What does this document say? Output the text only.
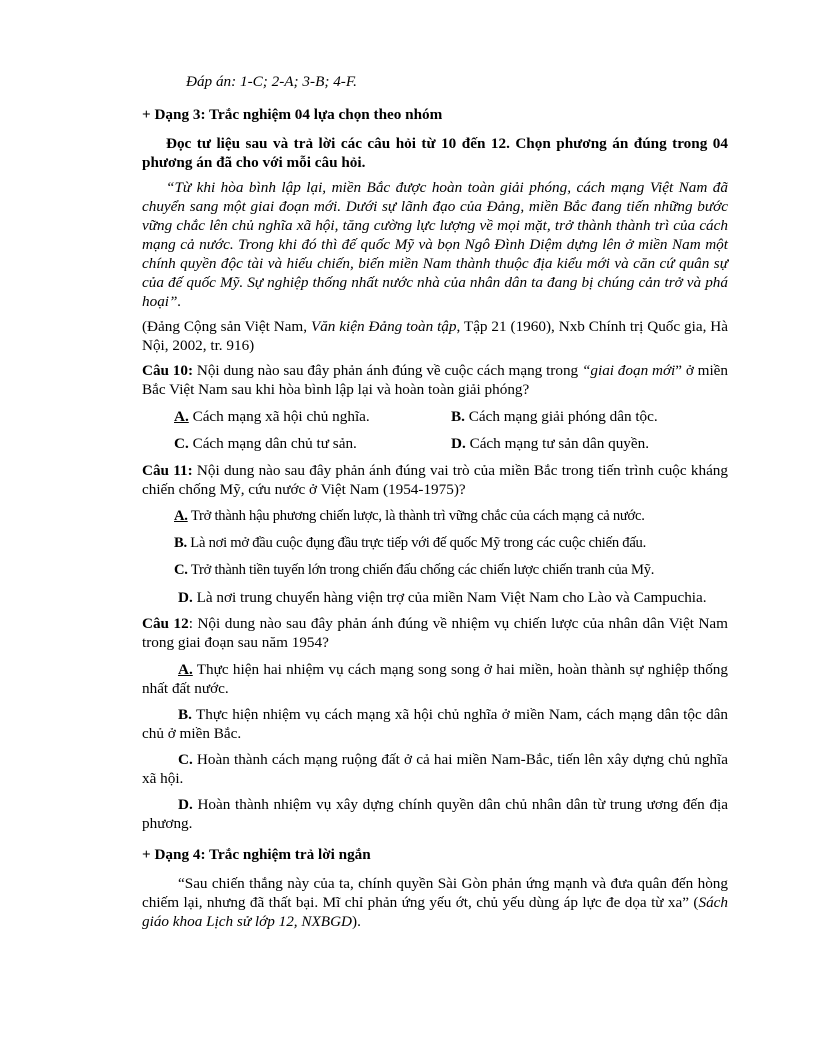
Đáp án: 1-C; 2-A; 3-B; 4-F.

+ Dạng 3: Trắc nghiệm 04 lựa chọn theo nhóm

Đọc tư liệu sau và trả lời các câu hỏi từ 10 đến 12. Chọn phương án đúng trong 04 phương án đã cho với mỗi câu hỏi.

“Từ khi hòa bình lập lại, miền Bắc được hoàn toàn giải phóng, cách mạng Việt Nam đã chuyển sang một giai đoạn mới. Dưới sự lãnh đạo của Đảng, miền Bắc đang tiến những bước vững chắc lên chủ nghĩa xã hội, tăng cường lực lượng về mọi mặt, trở thành thành trì của cách mạng cả nước. Trong khi đó thì đế quốc Mỹ và bọn Ngô Đình Diệm dựng lên ở miền Nam một chính quyền độc tài và hiếu chiến, biến miền Nam thành thuộc địa kiểu mới và căn cứ quân sự của đế quốc Mỹ. Sự nghiệp thống nhất nước nhà của nhân dân ta đang bị chúng cản trở và phá hoại”.

(Đảng Cộng sản Việt Nam, Văn kiện Đảng toàn tập, Tập 21 (1960), Nxb Chính trị Quốc gia, Hà Nội, 2002, tr. 916)

Câu 10: Nội dung nào sau đây phản ánh đúng về cuộc cách mạng trong “giai đoạn mới” ở miền Bắc Việt Nam sau khi hòa bình lập lại và hoàn toàn giải phóng?

A. Cách mạng xã hội chủ nghĩa.	B. Cách mạng giải phóng dân tộc.
C. Cách mạng dân chủ tư sản.	D. Cách mạng tư sản dân quyền.

Câu 11: Nội dung nào sau đây phản ánh đúng vai trò của miền Bắc trong tiến trình cuộc kháng chiến chống Mỹ, cứu nước ở Việt Nam (1954-1975)?

A. Trở thành hậu phương chiến lược, là thành trì vững chắc của cách mạng cả nước.

B. Là nơi mở đầu cuộc đụng đầu trực tiếp với đế quốc Mỹ trong các cuộc chiến đấu.

C. Trở thành tiền tuyến lớn trong chiến đấu chống các chiến lược chiến tranh của Mỹ.

D. Là nơi trung chuyển hàng viện trợ của miền Nam Việt Nam cho Lào và Campuchia.

Câu 12: Nội dung nào sau đây phản ánh đúng về nhiệm vụ chiến lược của nhân dân Việt Nam trong giai đoạn sau năm 1954?

A. Thực hiện hai nhiệm vụ cách mạng song song ở hai miền, hoàn thành sự nghiệp thống nhất đất nước.

B. Thực hiện nhiệm vụ cách mạng xã hội chủ nghĩa ở miền Nam, cách mạng dân tộc dân chủ ở miền Bắc.

C. Hoàn thành cách mạng ruộng đất ở cả hai miền Nam-Bắc, tiến lên xây dựng chủ nghĩa xã hội.

D. Hoàn thành nhiệm vụ xây dựng chính quyền dân chủ nhân dân từ trung ương đến địa phương.

+ Dạng 4: Trắc nghiệm trả lời ngắn

“Sau chiến thắng này của ta, chính quyền Sài Gòn phản ứng mạnh và đưa quân đến hòng chiếm lại, nhưng đã thất bại. Mĩ chỉ phản ứng yếu ớt, chủ yếu dùng áp lực đe dọa từ xa” (Sách giáo khoa Lịch sử lớp 12, NXBGD).
